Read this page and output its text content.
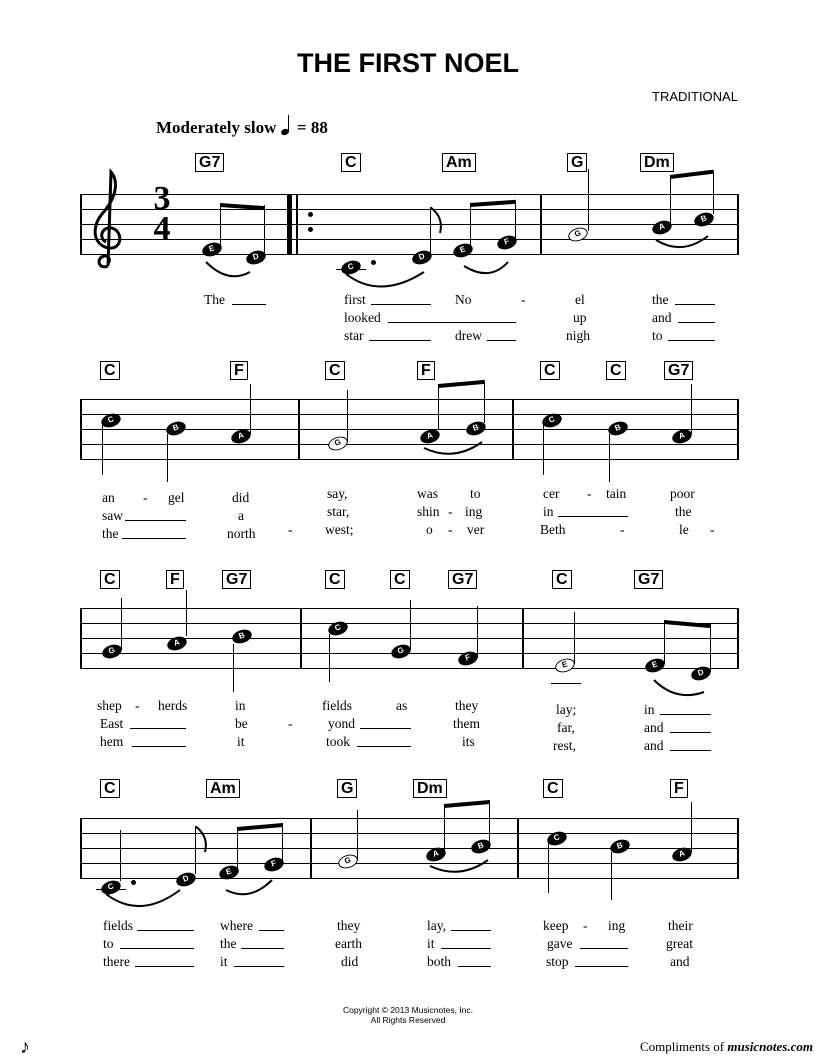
THE FIRST NOEL
TRADITIONAL
Moderately slow = 88
3
4
G7	C	Am	G	Dm
E
D
C
D
E
F
G
A
B
C	F	C	F	C	C	G7
C
B
A
G
A
B
C
B
A
C	F	G7	C	C	G7	C	G7
G
A
B
C
G
F
E	E
D
C	Am	G	Dm	C	F
C
D
E
F	G
A
B
C
B
A
The	first	No	-	el	the
looked	up	and
star	drew	nigh	to
an - gel	did	say,	was to	cer - tain	poor
saw	a	star,	shin - ing	in	the
the	north - west;	o - ver	Beth	-	le -
shep - herds	in	fields	as	they	lay;	in
East	be	-	yond	them	far,	and
hem	it	took	its	rest,	and
fields	where	they	lay,	keep - ing	their
to	the	earth	it	gave	great
there	it	did	both	stop	and
Copyright © 2013 Musicnotes, Inc.
All Rights Reserved
♪	Compliments of musicnotes.com
